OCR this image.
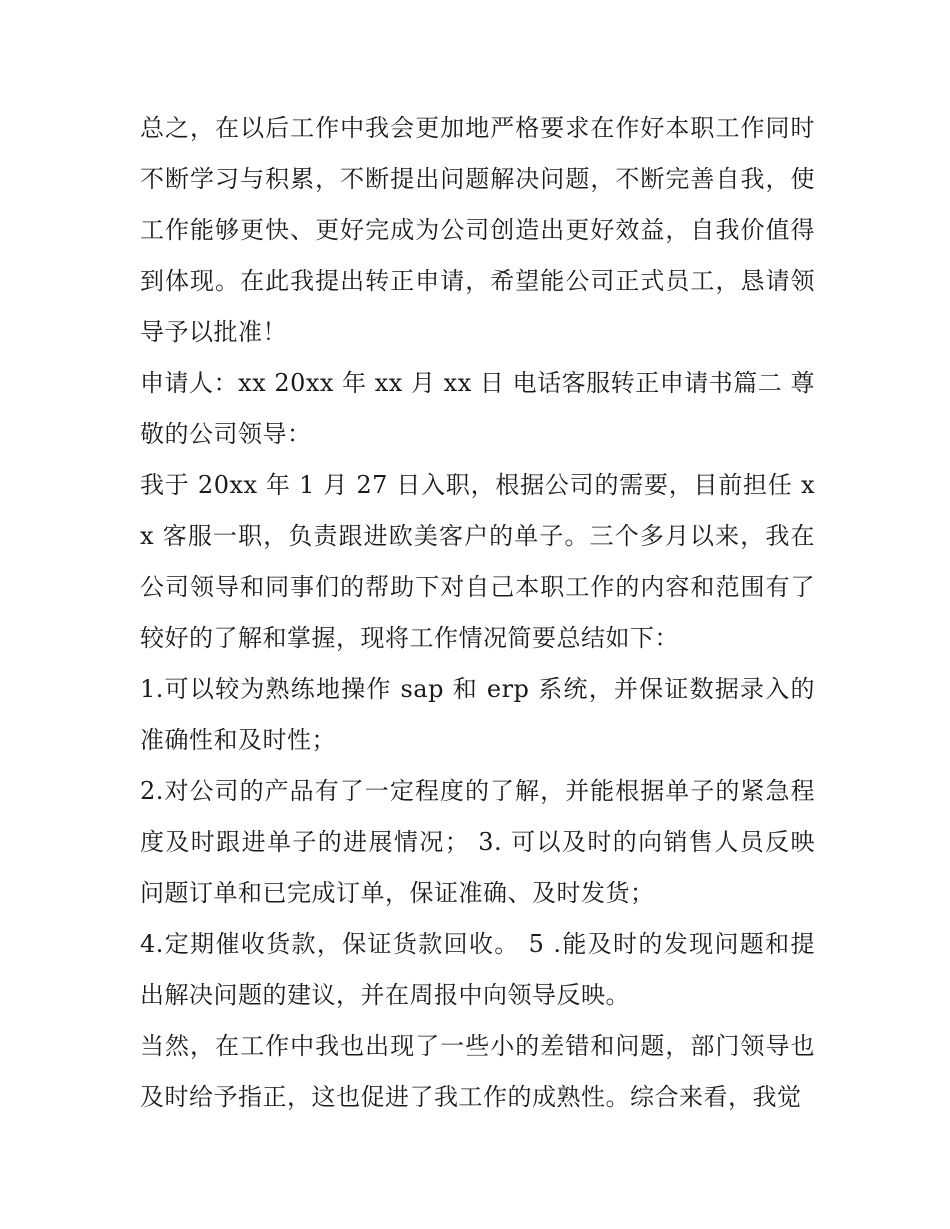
总之，在以后工作中我会更加地严格要求在作好本职工作同时不断学习与积累，不断提出问题解决问题，不断完善自我，使工作能够更快、更好完成为公司创造出更好效益，自我价值得到体现。在此我提出转正申请，希望能公司正式员工，恳请领导予以批准！

申请人：xx 20xx 年 xx 月 xx 日 电话客服转正申请书篇二 尊敬的公司领导：

我于 20xx 年 1 月 27 日入职，根据公司的需要，目前担任 xx 客服一职，负责跟进欧美客户的单子。三个多月以来，我在公司领导和同事们的帮助下对自己本职工作的内容和范围有了较好的了解和掌握，现将工作情况简要总结如下：

1.可以较为熟练地操作 sap 和 erp 系统，并保证数据录入的准确性和及时性；

2.对公司的产品有了一定程度的了解，并能根据单子的紧急程度及时跟进单子的进展情况； 3. 可以及时的向销售人员反映问题订单和已完成订单，保证准确、及时发货；

4.定期催收货款，保证货款回收。 5 .能及时的发现问题和提出解决问题的建议，并在周报中向领导反映。

当然，在工作中我也出现了一些小的差错和问题，部门领导也及时给予指正，这也促进了我工作的成熟性。综合来看，我觉
